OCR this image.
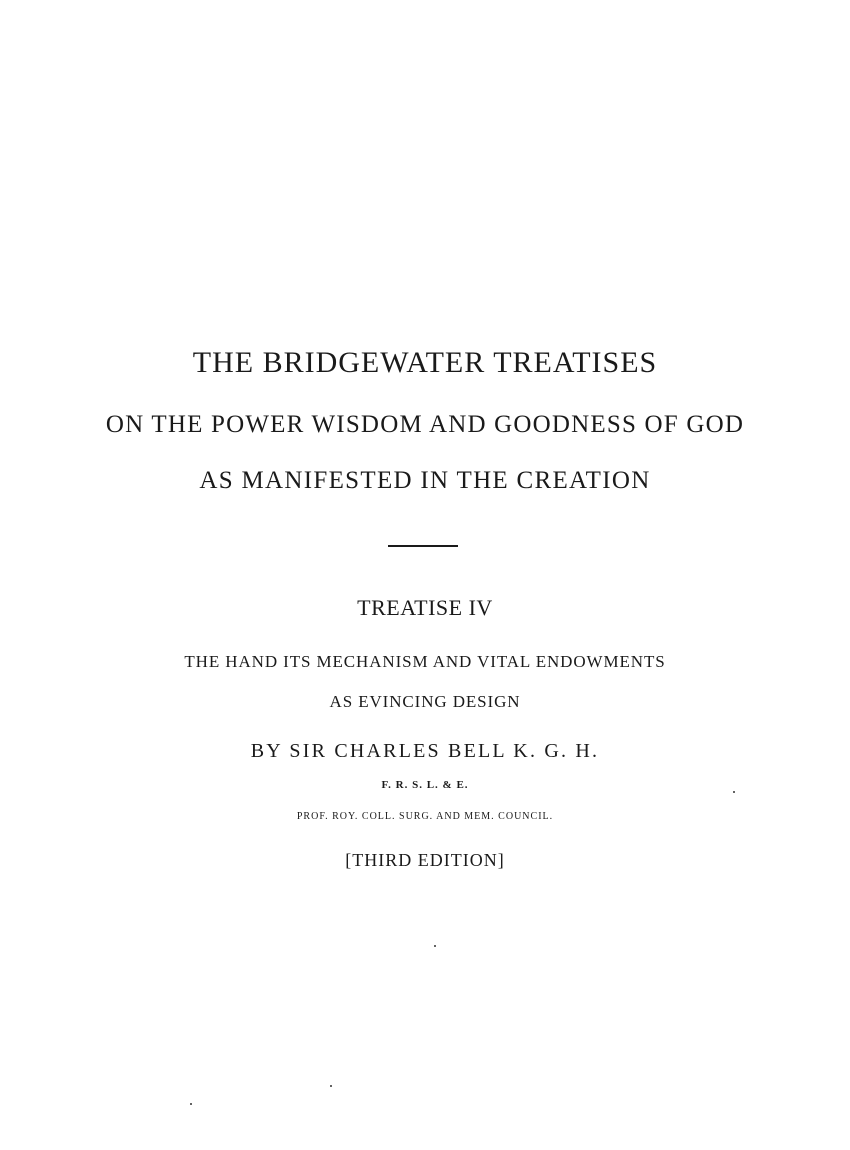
THE BRIDGEWATER TREATISES
ON THE POWER WISDOM AND GOODNESS OF GOD
AS MANIFESTED IN THE CREATION
TREATISE IV
THE HAND ITS MECHANISM AND VITAL ENDOWMENTS
AS EVINCING DESIGN
BY SIR CHARLES BELL K. G. H.
F. R. S. L. & E.
PROF. ROY. COLL. SURG. AND MEM. COUNCIL.
[THIRD EDITION]
